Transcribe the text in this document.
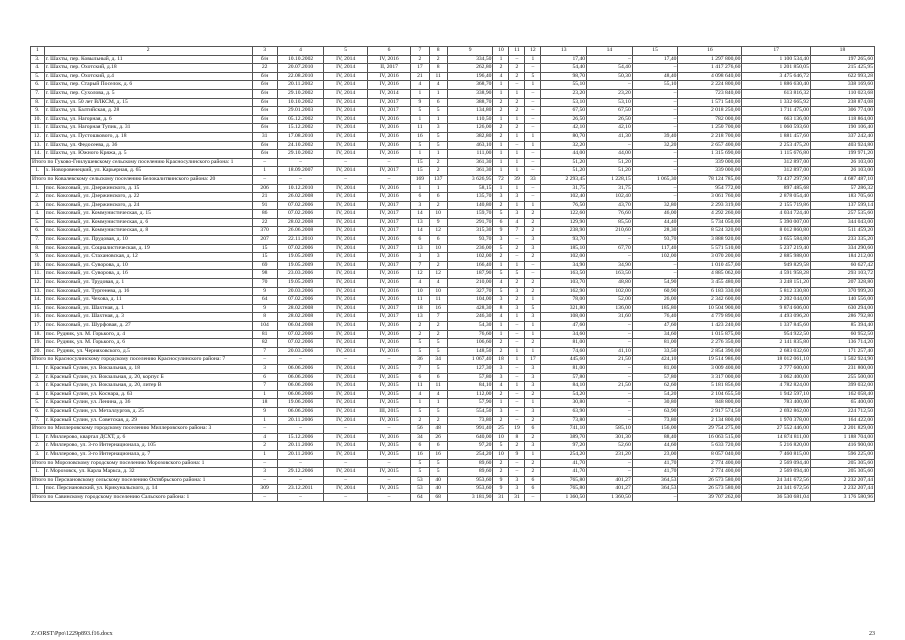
1	2	3	4	5	6	7	8	9	10	11	12	13	14	15	16	17	18
3.	г. Шахты, пер. Ковыльный, д. 11	б/н	10.10.2002	IV, 2014	IV, 2016	2	2	334,50	1	–	1	17,40	–	17,40	1 297 800,00	1 100 534,40	197 265,60
4.	г. Шахты, пер. Охотский, д.18	22	20.07.2010	IV, 2014	II, 2017	17	8	262,80	2	2	–	54,40	54,40	–	1 417 276,60	1 201 850,05	215 425,95
5.	г. Шахты, пер. Охотский, д.4	б/н	22.08.2010	IV, 2014	IV, 2016	21	11	196,40	4	2	5	98,70	50,30	48,40	4 098 640,00	3 475 646,72	622 993,28
6.	г. Шахты, пер. Старый Поселок, д. 6	б/н	20.11.2002	IV, 2014	IV, 2016	4	4	368,70	1	–	1	55,10	–	55,10	2 224 800,00	1 886 630,40	338 169,60
7.	г. Шахты, пер. Сухолова, д. 5	б/н	29.10.2002	IV, 2014	IV, 2014	1	1	338,90	1	1	–	23,20	23,20	–	723 840,00	613 816,32	110 023,68
8.	г. Шахты, ул. 50 лет ВЛКСМ, д. 15	б/н	10.10.2002	IV, 2014	IV, 2017	9	6	388,70	2	2	–	53,10	53,10	–	1 571 540,00	1 332 665,92	238 874,08
9.	г. Шахты, ул. Балтийская, д. 28	б/н	29.01.2003	IV, 2014	IV, 2017	5	5	134,80	2	2	–	67,50	67,50	–	2 018 250,00	1 711 475,00	306 774,00
10.	г. Шахты, ул. Нагорная, д. 6	б/н	05.12.2002	IV, 2014	IV, 2016	1	1	110,50	1	1	–	26,50	26,50	–	782 000,00	663 136,00	118 864,00
11.	г. Шахты, ул. Нагорная Тупик, д. 31	б/н	15.12.2002	IV, 2014	IV, 2016	11	3	126,00	2	2	–	42,10	42,10	–	1 250 700,00	1 060 593,60	190 106,40
12.	г. Шахты, ул. Пустошкового, д. 18	31	17.08.2010	IV, 2014	IV, 2016	16	5	382,80	2	1	1	80,70	41,30	39,40	2 218 700,00	1 881 457,60	337 242,40
13.	г. Шахты, ул. Федосеева, д. 36	б/н	24.10.2002	IV, 2014	IV, 2016	5	5	463,10	1	–	1	32,20	–	32,20	2 657 400,00	2 253 475,20	403 924,80
14.	г. Шахты, ул. Южного Кряжа, д. 5	б/н	29.10.2002	IV, 2014	IV, 2016	1	1	111,00	1	1	–	44,00	44,00	–	1 315 690,00	1 115 676,80	199 971,20
Итого по Гуково-Гнилушевскому сельскому поселению Красносулинского района: 1		–	–	–	–	15	2	361,30	1	1	–	51,20	51,20	–	339 000,00	312 897,00	26 103,00
1.	х. Новоровенецкий, ул. Карьерная, д. 65	1	18.09.2007	IV, 2014	IV, 2017	15	2	361,30	1	1	–	51,20	51,20	–	339 000,00	312 897,00	26 103,00
Итого по Ковалевскому сельскому поселению Белокалитвинского района: 20		–	–	–	–	169	137	3 626,95	72	39	33	2 293,45	1 228,15	1 065,30	78 124 785,00	73 437 297,90	4 687 487,10
1.	пос. Коксовый, ул. Дзержинского, д. 15	206	10.12.2010	IV, 2014	IV, 2016	1	1	58,15	1	1	–	31,75	31,75	–	954 772,00	897 485,68	57 286,32
2.	пос. Коксовый, ул. Дзержинского, д. 22	21	26.02.2008	IV, 2014	IV, 2016	6	6	135,70	3	3	–	102,40	102,40	–	3 061 760,00	2 878 054,40	183 705,60
3.	пос. Коксовый, ул. Дзержинского, д. 24	91	07.02.2006	IV, 2014	IV, 2017	3	2	140,80	2	1	1	76,50	43,70	32,80	2 293 319,00	2 155 719,86	137 599,14
4.	пос. Коксовый, ул. Коммунистическая, д. 15	86	07.02.2006	IV, 2014	IV, 2017	14	10	159,70	5	3	2	122,60	76,60	46,00	4 292 260,00	4 034 724,40	257 535,60
5.	пос. Коксовый, ул. Коммунистическая, д. 6	22	28.02.2008	IV, 2014	IV, 2017	13	9	291,70	6	4	2	129,90	85,50	44,40	5 734 050,00	5 390 007,00	344 043,00
6.	пос. Коксовый, ул. Коммунистическая, д. 8	370	26.06.2008	IV, 2014	IV, 2017	14	12	315,30	9	7	2	238,90	210,60	28,30	8 524 320,00	8 012 860,80	511 459,20
7.	пос. Коксовый, ул. Прудовая, д. 10	207	22.11.2010	IV, 2014	IV, 2016	6	6	93,70	3	–	3	93,70	–	93,70	3 888 920,00	3 655 584,80	233 335,20
8.	пос. Коксовый, ул. Социалистическая, д. 19	15	07.02.2006	IV, 2014	IV, 2017	13	10	236,00	5	2	3	185,10	67,70	117,40	5 571 510,00	5 237 219,40	334 290,60
9.	пос. Коксовый, ул. Стахановская, д. 12	15	19.05.2009	IV, 2014	IV, 2016	3	3	102,00	2	–	2	102,00	–	102,00	3 070 200,00	2 885 988,00	184 212,00
10.	пос. Коксовый, ул. Суворова, д. 10	69	19.05.2009	IV, 2014	IV, 2017	7	2	166,40	1	1	–	34,90	34,90	–	1 010 457,00	949 829,58	60 627,42
11.	пос. Коксовый, ул. Суворова, д. 16	98	23.03.2006	IV, 2014	IV, 2016	12	12	187,90	5	5	–	163,50	163,50	–	4 885 062,00	4 591 958,28	293 103,72
12.	пос. Коксовый, ул. Трудовая, д. 1	70	19.05.2009	IV, 2014	IV, 2016	4	4	210,00	4	2	2	103,70	48,80	54,90	3 455 480,00	3 248 151,20	207 328,80
13.	пос. Коксовый, ул. Тургенева, д. 16	9	20.03.2006	IV, 2014	IV, 2016	10	10	327,70	5	3	2	162,90	102,00	60,90	6 183 330,00	5 812 330,80	370 999,20
14.	пос. Коксовый, ул. Чехова, д. 11	64	07.02.2006	IV, 2014	IV, 2016	11	11	104,00	3	2	1	78,00	52,00	26,00	2 342 600,00	2 202 044,00	140 556,00
15.	пос. Коксовый, ул. Шахтная, д. 1	9	28.02.2008	IV, 2014	IV, 2017	18	16	428,30	8	3	5	321,80	136,00	185,80	10 504 900,00	9 874 606,00	630 294,00
16.	пос. Коксовый, ул. Шахтная, д. 3	8	28.02.2008	IV, 2014	IV, 2017	13	7	246,30	4	1	3	108,00	31,60	76,40	4 779 890,00	4 493 096,20	286 792,80
17.	пос. Коксовый, ул. Шурфовая, д. 27	104	06.04.2008	IV, 2014	IV, 2016	2	2	54,30	1	–	1	47,60	–	47,60	1 423 240,00	1 337 845,60	85 394,40
18.	пос. Рудник, ул. М. Горького, д. 4	81	07.02.2006	IV, 2014	IV, 2016	2	2	76,60	1	–	1	34,60	–	34,60	1 015 875,00	954 922,50	60 952,50
19.	пос. Рудник, ул. М. Горького, д. 6	82	07.02.2006	IV, 2014	IV, 2016	5	5	106,60	2	–	2	81,00	–	81,00	2 276 350,00	2 141 835,80	136 714,20
20.	пос. Рудник, ул. Черняховского, д.5	7	20.03.2006	IV, 2014	IV, 2016	5	5	148,50	2	1	1	74,60	41,10	33,50	2 854 390,00	2 683 032,60	171 257,40
Итого по Красносулинскому городскому поселению Красносулинского района: 7		–	–	–	–	36	34	1 067,40	18	1	17	445,60	21,50	424,10	19 514 986,00	18 012 061,10	1 502 924,90
1.	г. Красный Сулин, ул. Вокзальная, д. 18	3	06.06.2006	IV, 2014	IV, 2015	7	5	127,30	3	–	3	81,00	–	81,00	3 009 400,00	2 777 600,00	231 800,00
2.	г. Красный Сулин, ул. Вокзальная, д. 20, корпус Б	6	06.06.2006	IV, 2014	IV, 2015	6	6	57,80	3	–	3	57,80	–	57,80	3 317 000,00	3 062 400,00	255 500,00
3.	г. Красный Сулин, ул. Вокзальная, д. 20, литер В	7	06.06.2006	IV, 2014	IV, 2015	11	11	84,10	4	1	3	84,10	21,50	62,60	5 181 856,00	4 782 824,00	399 032,00
4.	г. Красный Сулин, ул. Коснара, д. 63	1	06.06.2006	IV, 2014	IV, 2015	4	4	112,00	2	–	2	54,20	–	54,20	2 104 655,50	1 942 597,10	162 058,40
5.	г. Красный Сулин, ул. Ленина, д. 36	18	19.06.2006	IV, 2014	IV, 2015	1	1	57,90	1	–	1	30,80	–	30,80	848 800,00	783 400,00	65 400,00
6.	г. Красный Сулин, ул. Металлургов, д. 25	9	06.06.2006	IV, 2014	III, 2015	5	5	554,50	3	–	3	63,90	–	63,90	2 917 574,50	2 692 862,00	224 712,50
7.	г. Красный Сулин, ул. Советская, д. 29	1	20.11.2006	IV, 2014	IV, 2015	2	2	73,80	2	–	2	73,80	–	73,80	2 134 800,00	1 970 378,00	164 422,00
Итого по Миллеровскому городскому поселению Миллеровского района: 3		–	–	–	–	56	48	991,40	25	19	6	741,10	585,10	156,00	29 754 275,00	27 552 446,00	2 201 829,00
1.	г. Миллерово, квартал ДСХТ, д. 6	4	15.12.2006	IV, 2014	IV, 2016	34	26	640,00	10	8	2	389,70	301,30	88,40	16 063 515,00	14 874 811,00	1 188 704,00
2.	г. Миллерово, ул. 3-го Интернационала, д. 105	2	20.11.2006	IV, 2014	IV, 2015	6	6	97,20	5	2	3	97,20	52,60	44,60	5 633 720,00	5 216 820,00	416 900,00
3.	г. Миллерово, ул. 3-го Интернационала, д. 7	1	20.11.2006	IV, 2014	IV, 2015	16	16	254,20	10	9	1	254,20	231,20	23,00	8 057 040,00	7 460 815,00	596 225,00
Итого по Морозовскому городскому поселению Морозовского района: 1		–	–	–	–	5	5	89,60	2	–	2	41,70	–	41,70	2 774 400,00	2 569 094,40	205 305,60
1.	г. Морозовск, ул. Карла Маркса, д. 32	3	29.12.2006	IV, 2014	IV, 2015	5	5	89,60	2	–	2	41,70	–	41,70	2 774 400,00	2 569 094,40	205 305,60
Итого по Персиановскому сельскому поселению Октябрьского района: 1		–	–	–	–	53	40	953,60	9	3	6	765,80	401,27	364,53	26 573 580,00	24 341 672,56	2 232 207,44
1.	пос. Персиановский, ул. Крикунальского, д. 14	309	23.12.2011	IV, 2014	IV, 2015	53	40	953,60	9	3	6	765,80	401,27	364,53	26 573 580,00	24 341 672,56	2 232 207,44
Итого по Савинскому городскому поселению Сальского района: 1		–	–	–	–	64	68	3 181,90	31	31	–	1 360,50	1 360,50	–	39 707 262,00	36 530 681,04	3 176 580,96
Z:\ORST\Ppo\1229p893.f16.docx	23
